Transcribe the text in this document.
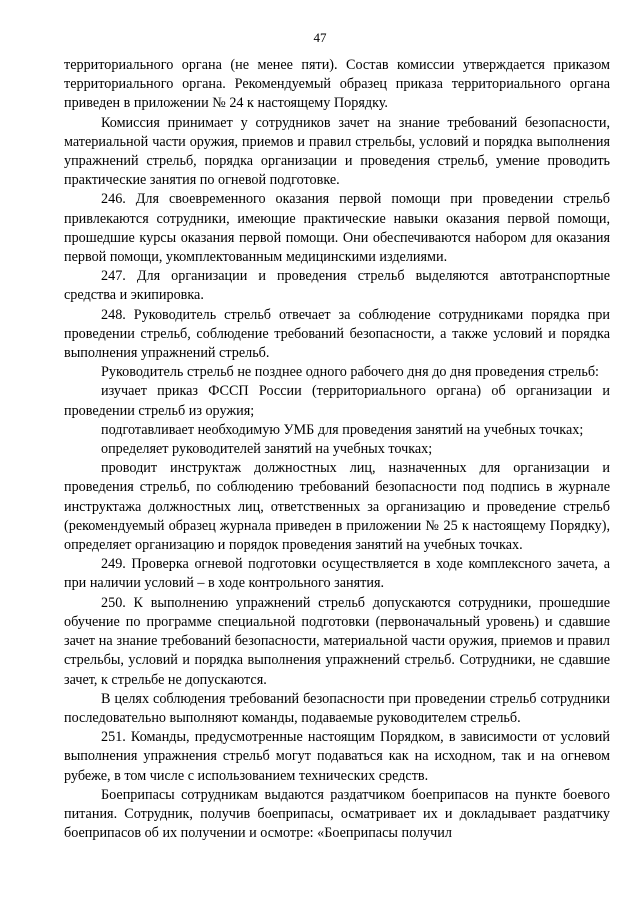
47

территориального органа (не менее пяти). Состав комиссии утверждается приказом территориального органа. Рекомендуемый образец приказа территориального органа приведен в приложении № 24 к настоящему Порядку.

Комиссия принимает у сотрудников зачет на знание требований безопасности, материальной части оружия, приемов и правил стрельбы, условий и порядка выполнения упражнений стрельб, порядка организации и проведения стрельб, умение проводить практические занятия по огневой подготовке.

246. Для своевременного оказания первой помощи при проведении стрельб привлекаются сотрудники, имеющие практические навыки оказания первой помощи, прошедшие курсы оказания первой помощи. Они обеспечиваются набором для оказания первой помощи, укомплектованным медицинскими изделиями.

247. Для организации и проведения стрельб выделяются автотранспортные средства и экипировка.

248. Руководитель стрельб отвечает за соблюдение сотрудниками порядка при проведении стрельб, соблюдение требований безопасности, а также условий и порядка выполнения упражнений стрельб.

Руководитель стрельб не позднее одного рабочего дня до дня проведения стрельб:

изучает приказ ФССП России (территориального органа) об организации и проведении стрельб из оружия;

подготавливает необходимую УМБ для проведения занятий на учебных точках;

определяет руководителей занятий на учебных точках;

проводит инструктаж должностных лиц, назначенных для организации и проведения стрельб, по соблюдению требований безопасности под подпись в журнале инструктажа должностных лиц, ответственных за организацию и проведение стрельб (рекомендуемый образец журнала приведен в приложении № 25 к настоящему Порядку), определяет организацию и порядок проведения занятий на учебных точках.

249. Проверка огневой подготовки осуществляется в ходе комплексного зачета, а при наличии условий – в ходе контрольного занятия.

250. К выполнению упражнений стрельб допускаются сотрудники, прошедшие обучение по программе специальной подготовки (первоначальный уровень) и сдавшие зачет на знание требований безопасности, материальной части оружия, приемов и правил стрельбы, условий и порядка выполнения упражнений стрельб. Сотрудники, не сдавшие зачет, к стрельбе не допускаются.

В целях соблюдения требований безопасности при проведении стрельб сотрудники последовательно выполняют команды, подаваемые руководителем стрельб.

251. Команды, предусмотренные настоящим Порядком, в зависимости от условий выполнения упражнения стрельб могут подаваться как на исходном, так и на огневом рубеже, в том числе с использованием технических средств.

Боеприпасы сотрудникам выдаются раздатчиком боеприпасов на пункте боевого питания. Сотрудник, получив боеприпасы, осматривает их и докладывает раздатчику боеприпасов об их получении и осмотре: «Боеприпасы получил
